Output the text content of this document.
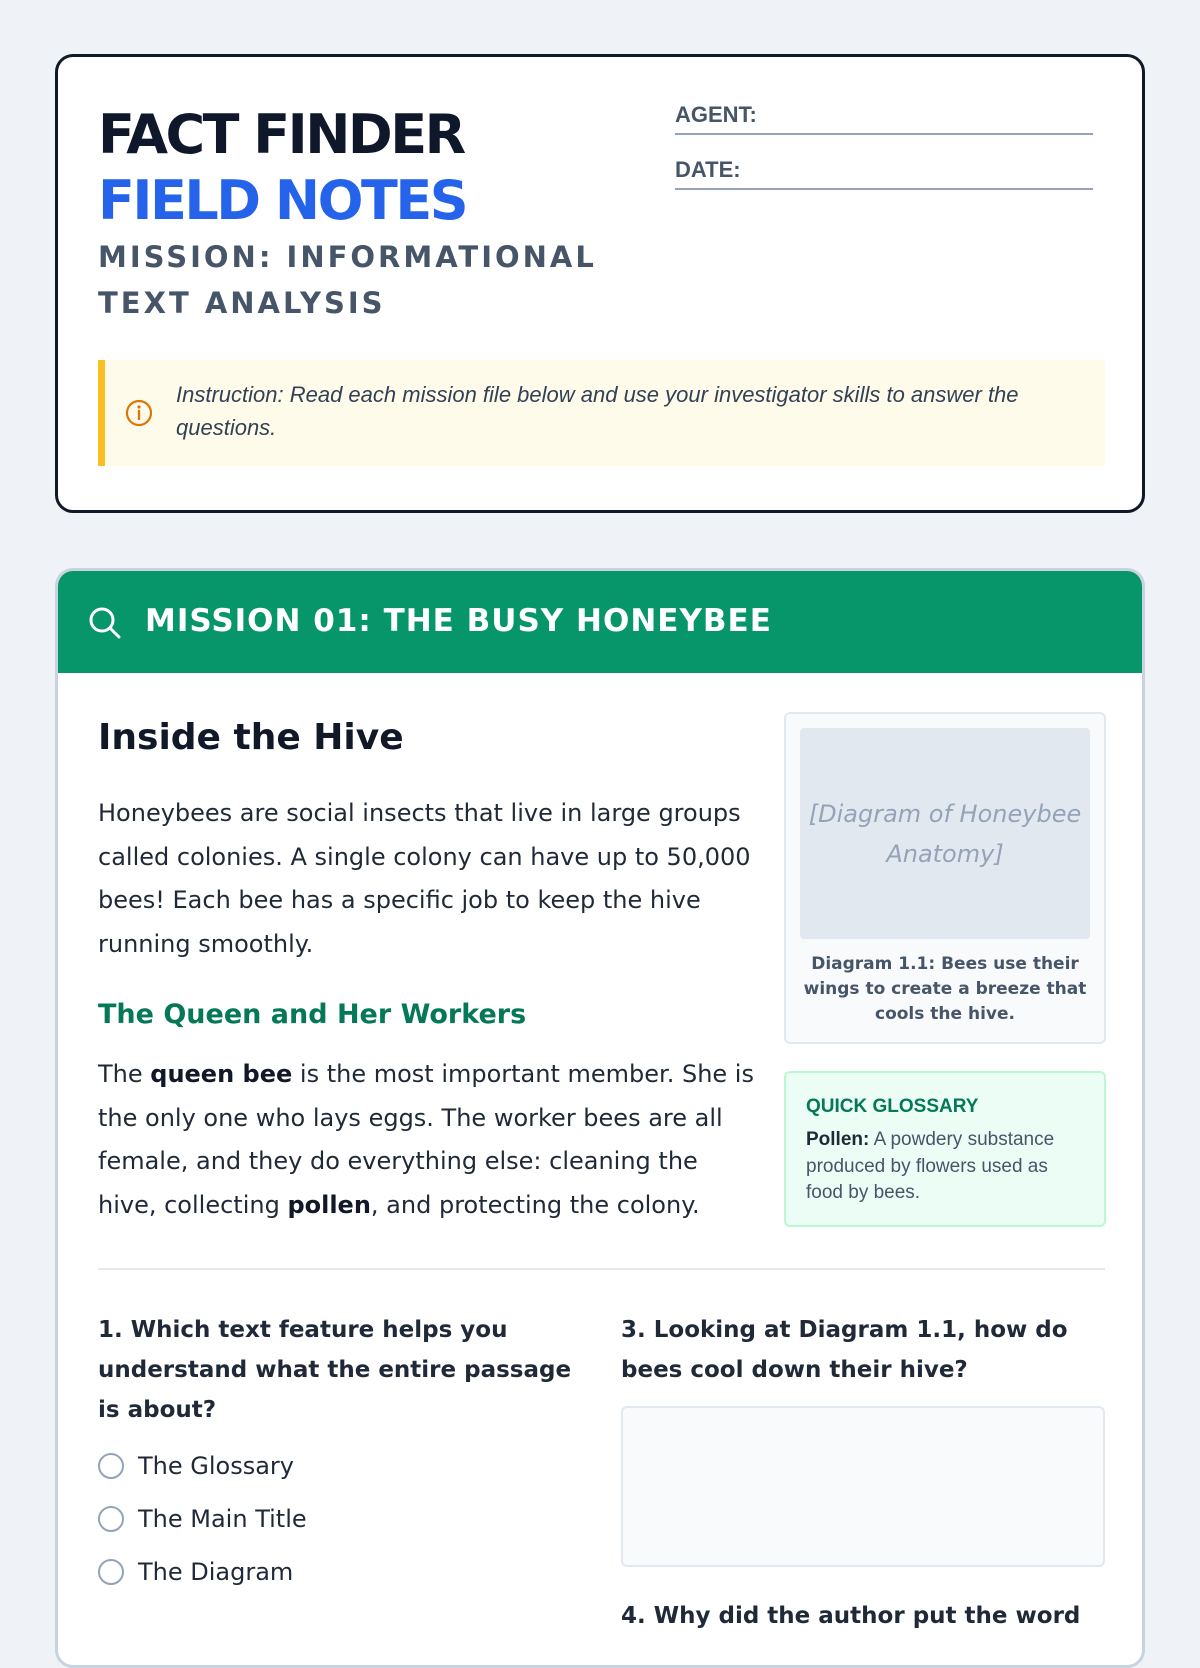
FACT FINDER
FIELD NOTES
MISSION: INFORMATIONAL TEXT ANALYSIS
AGENT:
DATE:
Instruction: Read each mission file below and use your investigator skills to answer the questions.
MISSION 01: THE BUSY HONEYBEE
Inside the Hive
Honeybees are social insects that live in large groups called colonies. A single colony can have up to 50,000 bees! Each bee has a specific job to keep the hive running smoothly.
The Queen and Her Workers
The queen bee is the most important member. She is the only one who lays eggs. The worker bees are all female, and they do everything else: cleaning the hive, collecting pollen, and protecting the colony.
[Diagram of Honeybee Anatomy]
Diagram 1.1: Bees use their wings to create a breeze that cools the hive.
QUICK GLOSSARY
Pollen: A powdery substance produced by flowers used as food by bees.
1. Which text feature helps you understand what the entire passage is about?
The Glossary
The Main Title
The Diagram
3. Looking at Diagram 1.1, how do bees cool down their hive?
4. Why did the author put the word
